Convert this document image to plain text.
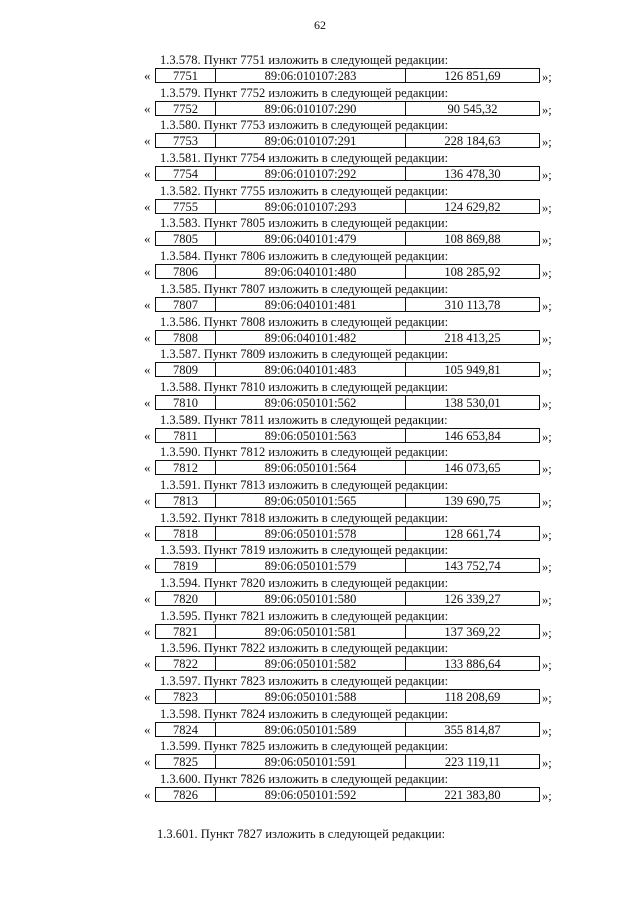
62
1.3.578. Пункт 7751 изложить в следующей редакции:
«	7751	89:06:010107:283	126 851,69	»;
1.3.579. Пункт 7752 изложить в следующей редакции:
«	7752	89:06:010107:290	90 545,32	»;
1.3.580. Пункт 7753 изложить в следующей редакции:
«	7753	89:06:010107:291	228 184,63	»;
1.3.581. Пункт 7754 изложить в следующей редакции:
«	7754	89:06:010107:292	136 478,30	»;
1.3.582. Пункт 7755 изложить в следующей редакции:
«	7755	89:06:010107:293	124 629,82	»;
1.3.583. Пункт 7805 изложить в следующей редакции:
«	7805	89:06:040101:479	108 869,88	»;
1.3.584. Пункт 7806 изложить в следующей редакции:
«	7806	89:06:040101:480	108 285,92	»;
1.3.585. Пункт 7807 изложить в следующей редакции:
«	7807	89:06:040101:481	310 113,78	»;
1.3.586. Пункт 7808 изложить в следующей редакции:
«	7808	89:06:040101:482	218 413,25	»;
1.3.587. Пункт 7809 изложить в следующей редакции:
«	7809	89:06:040101:483	105 949,81	»;
1.3.588. Пункт 7810 изложить в следующей редакции:
«	7810	89:06:050101:562	138 530,01	»;
1.3.589. Пункт 7811 изложить в следующей редакции:
«	7811	89:06:050101:563	146 653,84	»;
1.3.590. Пункт 7812 изложить в следующей редакции:
«	7812	89:06:050101:564	146 073,65	»;
1.3.591. Пункт 7813 изложить в следующей редакции:
«	7813	89:06:050101:565	139 690,75	»;
1.3.592. Пункт 7818 изложить в следующей редакции:
«	7818	89:06:050101:578	128 661,74	»;
1.3.593. Пункт 7819 изложить в следующей редакции:
«	7819	89:06:050101:579	143 752,74	»;
1.3.594. Пункт 7820 изложить в следующей редакции:
«	7820	89:06:050101:580	126 339,27	»;
1.3.595. Пункт 7821 изложить в следующей редакции:
«	7821	89:06:050101:581	137 369,22	»;
1.3.596. Пункт 7822 изложить в следующей редакции:
«	7822	89:06:050101:582	133 886,64	»;
1.3.597. Пункт 7823 изложить в следующей редакции:
«	7823	89:06:050101:588	118 208,69	»;
1.3.598. Пункт 7824 изложить в следующей редакции:
«	7824	89:06:050101:589	355 814,87	»;
1.3.599. Пункт 7825 изложить в следующей редакции:
«	7825	89:06:050101:591	223 119,11	»;
1.3.600. Пункт 7826 изложить в следующей редакции:
«	7826	89:06:050101:592	221 383,80	»;
1.3.601. Пункт 7827 изложить в следующей редакции:
